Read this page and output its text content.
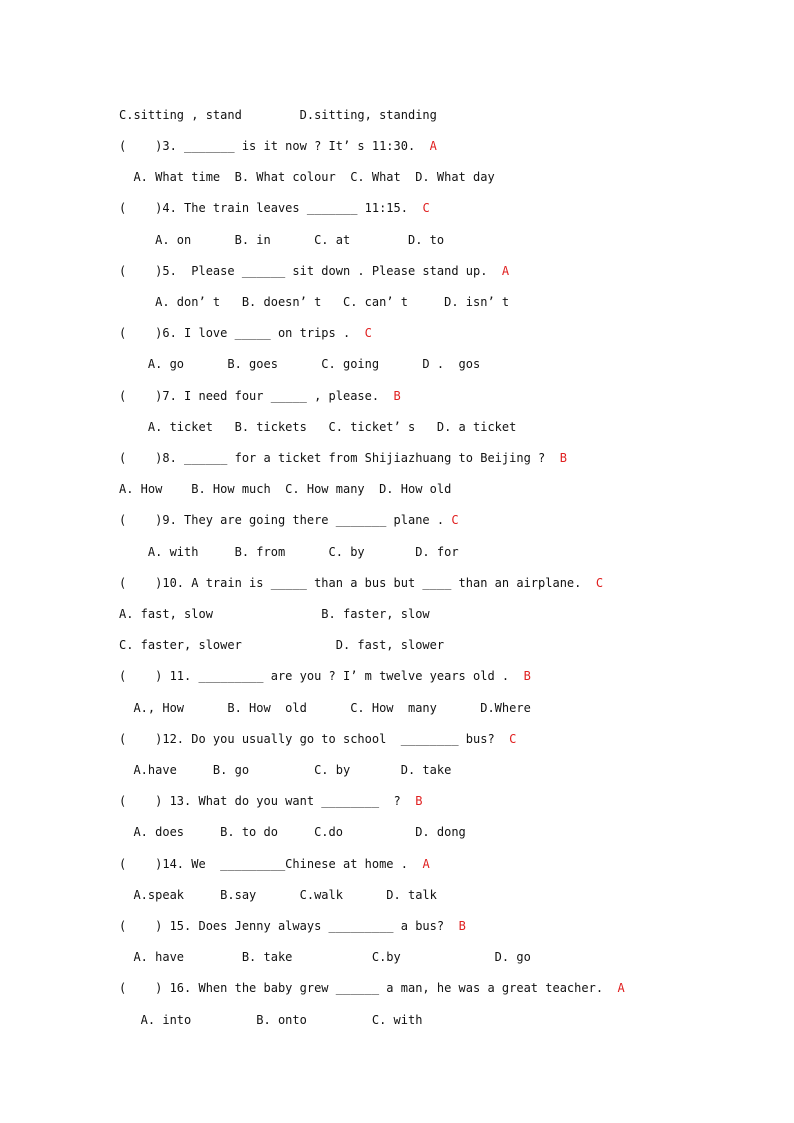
C.sitting , stand        D.sitting, standing
(    )3. _______ is it now ? It’ s 11:30.  A
A. What time  B. What colour  C. What  D. What day
(    )4. The train leaves _______ 11:15.  C
A. on      B. in      C. at        D. to
(    )5.  Please ______ sit down . Please stand up.  A
A. don’ t   B. doesn’ t   C. can’ t     D. isn’ t
(    )6. I love _____ on trips .  C
A. go      B. goes      C. going      D .  gos
(    )7. I need four _____ , please.  B
A. ticket   B. tickets   C. ticket’ s   D. a ticket
(    )8. ______ for a ticket from Shijiazhuang to Beijing ?  B
A. How    B. How much  C. How many  D. How old
(    )9. They are going there _______ plane . C
A. with     B. from      C. by       D. for
(    )10. A train is _____ than a bus but ____ than an airplane.  C
A. fast, slow               B. faster, slow
C. faster, slower             D. fast, slower
(    ) 11. _________ are you ? I’ m twelve years old .  B
A., How      B. How  old      C. How  many      D.Where
(    )12. Do you usually go to school  ________ bus?  C
A.have     B. go         C. by       D. take
(    ) 13. What do you want ________  ?  B
A. does     B. to do     C.do          D. dong
(    )14. We  _________Chinese at home .  A
A.speak     B.say      C.walk      D. talk
(    ) 15. Does Jenny always _________ a bus?  B
A. have        B. take           C.by             D. go
(    ) 16. When the baby grew ______ a man, he was a great teacher.  A
A. into         B. onto         C. with
